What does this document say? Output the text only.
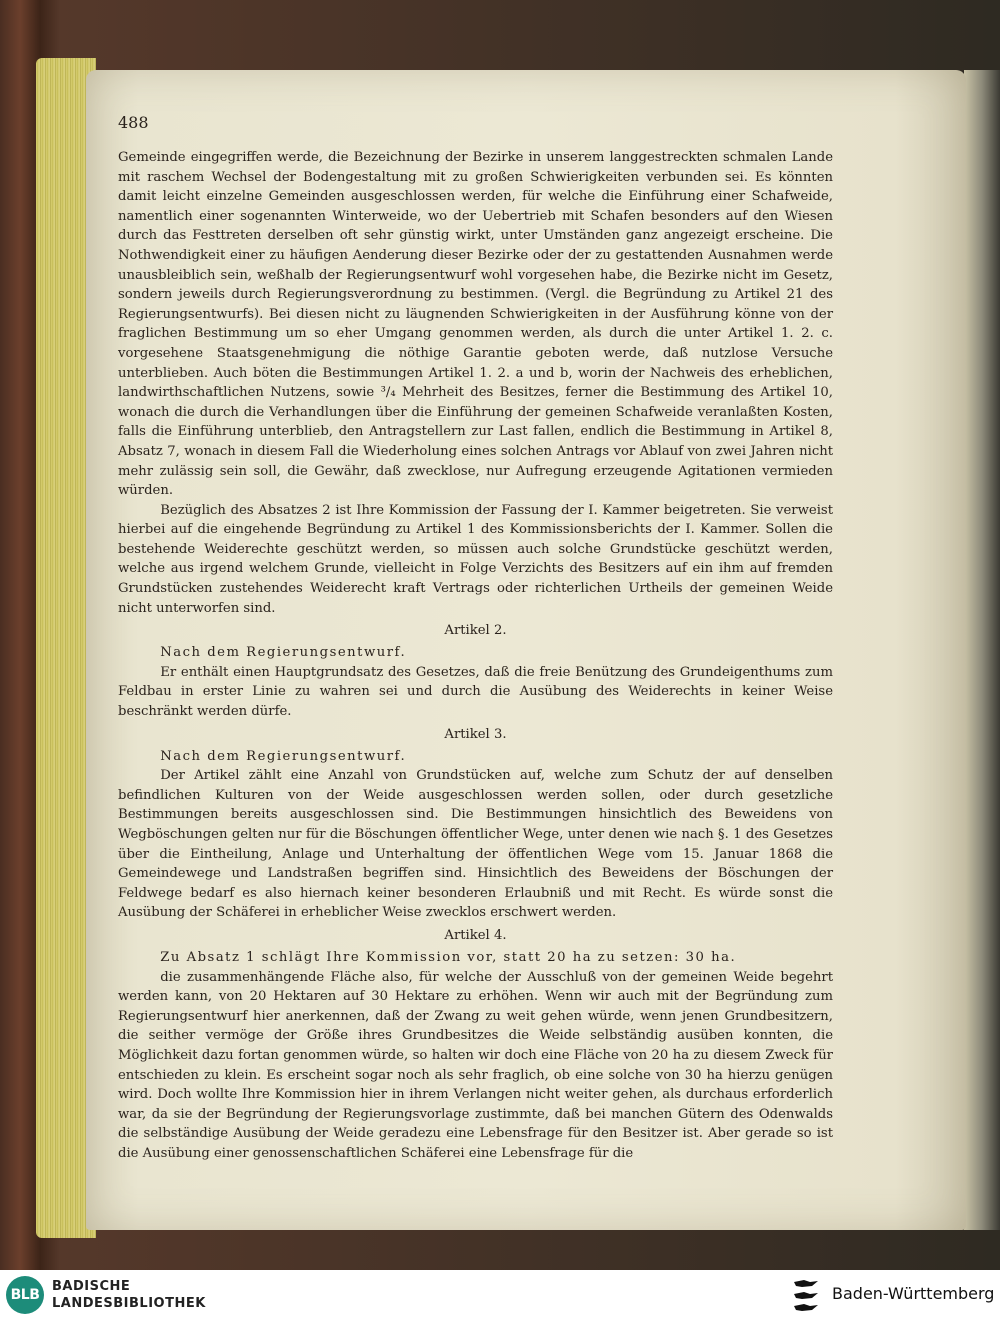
488

Gemeinde eingegriffen werde, die Bezeichnung der Bezirke in unserem langgestreckten schmalen Lande mit raschem Wechsel der Bodengestaltung mit zu großen Schwierigkeiten verbunden sei. Es könnten damit leicht einzelne Gemeinden ausgeschlossen werden, für welche die Einführung einer Schafweide, namentlich einer sogenannten Winterweide, wo der Uebertrieb mit Schafen besonders auf den Wiesen durch das Festtreten derselben oft sehr günstig wirkt, unter Umständen ganz angezeigt erscheine. Die Nothwendigkeit einer zu häufigen Aenderung dieser Bezirke oder der zu gestattenden Ausnahmen werde unausbleiblich sein, weßhalb der Regierungsentwurf wohl vorgesehen habe, die Bezirke nicht im Gesetz, sondern jeweils durch Regierungsverordnung zu bestimmen. (Vergl. die Begründung zu Artikel 21 des Regierungsentwurfs). Bei diesen nicht zu läugnenden Schwierigkeiten in der Ausführung könne von der fraglichen Bestimmung um so eher Umgang genommen werden, als durch die unter Artikel 1. 2. c. vorgesehene Staatsgenehmigung die nöthige Garantie geboten werde, daß nutzlose Versuche unterblieben. Auch böten die Bestimmungen Artikel 1. 2. a und b, worin der Nachweis des erheblichen, landwirthschaftlichen Nutzens, sowie ³/₄ Mehrheit des Besitzes, ferner die Bestimmung des Artikel 10, wonach die durch die Verhandlungen über die Einführung der gemeinen Schafweide veranlaßten Kosten, falls die Einführung unterblieb, den Antragstellern zur Last fallen, endlich die Bestimmung in Artikel 8, Absatz 7, wonach in diesem Fall die Wiederholung eines solchen Antrags vor Ablauf von zwei Jahren nicht mehr zulässig sein soll, die Gewähr, daß zwecklose, nur Aufregung erzeugende Agitationen vermieden würden.

Bezüglich des Absatzes 2 ist Ihre Kommission der Fassung der I. Kammer beigetreten. Sie verweist hierbei auf die eingehende Begründung zu Artikel 1 des Kommissionsberichts der I. Kammer. Sollen die bestehende Weiderechte geschützt werden, so müssen auch solche Grundstücke geschützt werden, welche aus irgend welchem Grunde, vielleicht in Folge Verzichts des Besitzers auf ein ihm auf fremden Grundstücken zustehendes Weiderecht kraft Vertrags oder richterlichen Urtheils der gemeinen Weide nicht unterworfen sind.

Artikel 2.
Nach dem Regierungsentwurf.

Er enthält einen Hauptgrundsatz des Gesetzes, daß die freie Benützung des Grundeigenthums zum Feldbau in erster Linie zu wahren sei und durch die Ausübung des Weiderechts in keiner Weise beschränkt werden dürfe.

Artikel 3.
Nach dem Regierungsentwurf.

Der Artikel zählt eine Anzahl von Grundstücken auf, welche zum Schutz der auf denselben befindlichen Kulturen von der Weide ausgeschlossen werden sollen, oder durch gesetzliche Bestimmungen bereits ausgeschlossen sind. Die Bestimmungen hinsichtlich des Beweidens von Wegböschungen gelten nur für die Böschungen öffentlicher Wege, unter denen wie nach §. 1 des Gesetzes über die Eintheilung, Anlage und Unterhaltung der öffentlichen Wege vom 15. Januar 1868 die Gemeindewege und Landstraßen begriffen sind. Hinsichtlich des Beweidens der Böschungen der Feldwege bedarf es also hiernach keiner besonderen Erlaubniß und mit Recht. Es würde sonst die Ausübung der Schäferei in erheblicher Weise zwecklos erschwert werden.

Artikel 4.
Zu Absatz 1 schlägt Ihre Kommission vor, statt 20 ha zu setzen: 30 ha.

die zusammenhängende Fläche also, für welche der Ausschluß von der gemeinen Weide begehrt werden kann, von 20 Hektaren auf 30 Hektare zu erhöhen. Wenn wir auch mit der Begründung zum Regierungsentwurf hier anerkennen, daß der Zwang zu weit gehen würde, wenn jenen Grundbesitzern, die seither vermöge der Größe ihres Grundbesitzes die Weide selbständig ausüben konnten, die Möglichkeit dazu fortan genommen würde, so halten wir doch eine Fläche von 20 ha zu diesem Zweck für entschieden zu klein. Es erscheint sogar noch als sehr fraglich, ob eine solche von 30 ha hierzu genügen wird. Doch wollte Ihre Kommission hier in ihrem Verlangen nicht weiter gehen, als durchaus erforderlich war, da sie der Begründung der Regierungsvorlage zustimmte, daß bei manchen Gütern des Odenwalds die selbständige Ausübung der Weide geradezu eine Lebensfrage für den Besitzer ist. Aber gerade so ist die Ausübung einer genossenschaftlichen Schäferei eine Lebensfrage für die

BLB
BADISCHE
LANDESBIBLIOTHEK
Baden-Württemberg
